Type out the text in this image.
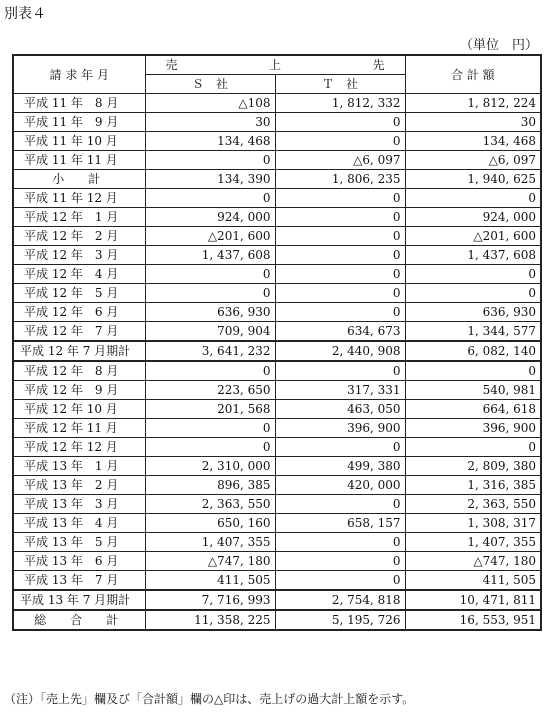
別表４
（単位　円）
請 求 年 月	売 上 先		合 計 額
	Ｓ　社	Ｔ　社	
平成 11 年　8 月	△108	1, 812, 332	1, 812, 224
平成 11 年　9 月	30	0	30
平成 11 年 10 月	134, 468	0	134, 468
平成 11 年 11 月	0	△6, 097	△6, 097
小　計	134, 390	1, 806, 235	1, 940, 625
平成 11 年 12 月	0	0	0
平成 12 年　1 月	924, 000	0	924, 000
平成 12 年　2 月	△201, 600	0	△201, 600
平成 12 年　3 月	1, 437, 608	0	1, 437, 608
平成 12 年　4 月	0	0	0
平成 12 年　5 月	0	0	0
平成 12 年　6 月	636, 930	0	636, 930
平成 12 年　7 月	709, 904	634, 673	1, 344, 577
平成 12 年 7 月期計	3, 641, 232	2, 440, 908	6, 082, 140
平成 12 年　8 月	0	0	0
平成 12 年　9 月	223, 650	317, 331	540, 981
平成 12 年 10 月	201, 568	463, 050	664, 618
平成 12 年 11 月	0	396, 900	396, 900
平成 12 年 12 月	0	0	0
平成 13 年　1 月	2, 310, 000	499, 380	2, 809, 380
平成 13 年　2 月	896, 385	420, 000	1, 316, 385
平成 13 年　3 月	2, 363, 550	0	2, 363, 550
平成 13 年　4 月	650, 160	658, 157	1, 308, 317
平成 13 年　5 月	1, 407, 355	0	1, 407, 355
平成 13 年　6 月	△747, 180	0	△747, 180
平成 13 年　7 月	411, 505	0	411, 505
平成 13 年 7 月期計	7, 716, 993	2, 754, 818	10, 471, 811
総　合　計	11, 358, 225	5, 195, 726	16, 553, 951
（注）「売上先」欄及び「合計額」欄の△印は、売上げの過大計上額を示す。
